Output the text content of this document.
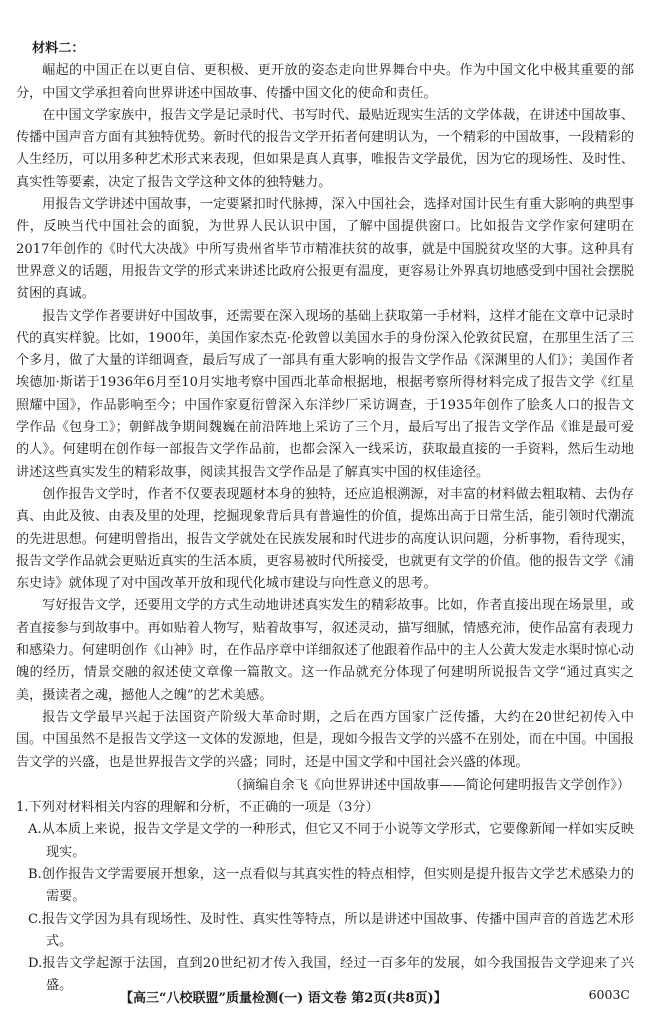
材料二：

崛起的中国正在以更自信、更积极、更开放的姿态走向世界舞台中央。作为中国文化中极其重要的部分，中国文学承担着向世界讲述中国故事、传播中国文化的使命和责任。

在中国文学家族中，报告文学是记录时代、书写时代、最贴近现实生活的文学体裁，在讲述中国故事、传播中国声音方面有其独特优势。新时代的报告文学开拓者何建明认为，一个精彩的中国故事，一段精彩的人生经历，可以用多种艺术形式来表现，但如果是真人真事，唯报告文学最优，因为它的现场性、及时性、真实性等要素，决定了报告文学这种文体的独特魅力。

用报告文学讲述中国故事，一定要紧扣时代脉搏，深入中国社会，选择对国计民生有重大影响的典型事件，反映当代中国社会的面貌，为世界人民认识中国，了解中国提供窗口。比如报告文学作家何建明在2017年创作的《时代大决战》中所写贵州省毕节市精准扶贫的故事，就是中国脱贫攻坚的大事。这种具有世界意义的话题，用报告文学的形式来讲述比政府公报更有温度，更容易让外界真切地感受到中国社会摆脱贫困的真诚。

报告文学作者要讲好中国故事，还需要在深入现场的基础上获取第一手材料，这样才能在文章中记录时代的真实样貌。比如，1900年，美国作家杰克·伦敦曾以美国水手的身份深入伦敦贫民窟，在那里生活了三个多月，做了大量的详细调查，最后写成了一部具有重大影响的报告文学作品《深渊里的人们》；美国作者埃德加·斯诺于1936年6月至10月实地考察中国西北革命根据地，根据考察所得材料完成了报告文学《红星照耀中国》，作品影响至今；中国作家夏衍曾深入东洋纱厂采访调查，于1935年创作了脍炙人口的报告文学作品《包身工》；朝鲜战争期间魏巍在前沿阵地上采访了三个月，最后写出了报告文学作品《谁是最可爱的人》。何建明在创作每一部报告文学作品前，也都会深入一线采访，获取最直接的一手资料，然后生动地讲述这些真实发生的精彩故事，阅读其报告文学作品是了解真实中国的权佳途径。

创作报告文学时，作者不仅要表现题材本身的独特，还应追根溯源，对丰富的材料做去粗取精、去伪存真、由此及彼、由表及里的处理，挖掘现象背后具有普遍性的价值，提炼出高于日常生活，能引领时代潮流的先进思想。何建明曾指出，报告文学就处在民族发展和时代进步的高度认识问题，分析事物，看待现实，报告文学作品就会更贴近真实的生活本质，更容易被时代所接受，也就更有文学的价值。他的报告文学《浦东史诗》就体现了对中国改革开放和现代化城市建设与向性意义的思考。

写好报告文学，还要用文学的方式生动地讲述真实发生的精彩故事。比如，作者直接出现在场景里，或者直接参与到故事中。再如贴着人物写，贴着故事写，叙述灵动，描写细腻，情感充沛，使作品富有表现力和感染力。何建明创作《山神》时，在作品序章中详细叙述了他跟着作品中的主人公黄大发走水渠时惊心动魄的经历，情景交融的叙述使文章像一篇散文。这一作品就充分体现了何建明所说报告文学“通过真实之美，摄读者之魂，撼他人之魄”的艺术美感。

报告文学最早兴起于法国资产阶级大革命时期，之后在西方国家广泛传播，大约在20世纪初传入中国。中国虽然不是报告文学这一文体的发源地，但是，现如今报告文学的兴盛不在别处，而在中国。中国报告文学的兴盛，也是世界报告文学的兴盛；同时，还是中国文学和中国社会兴盛的体现。

（摘编自余飞《向世界讲述中国故事——简论何建明报告文学创作》）

1.下列对材料相关内容的理解和分析，不正确的一项是（3分）

A.从本质上来说，报告文学是文学的一种形式，但它又不同于小说等文学形式，它要像新闻一样如实反映现实。

B.创作报告文学需要展开想象，这一点看似与其真实性的特点相悖，但实则是提升报告文学艺术感染力的需要。

C.报告文学因为具有现场性、及时性、真实性等特点，所以是讲述中国故事、传播中国声音的首选艺术形式。

D.报告文学起源于法国，直到20世纪初才传入我国，经过一百多年的发展，如今我国报告文学迎来了兴盛。

【高三“八校联盟”质量检测(一) 语文卷 第2页(共8页)】	6003C
